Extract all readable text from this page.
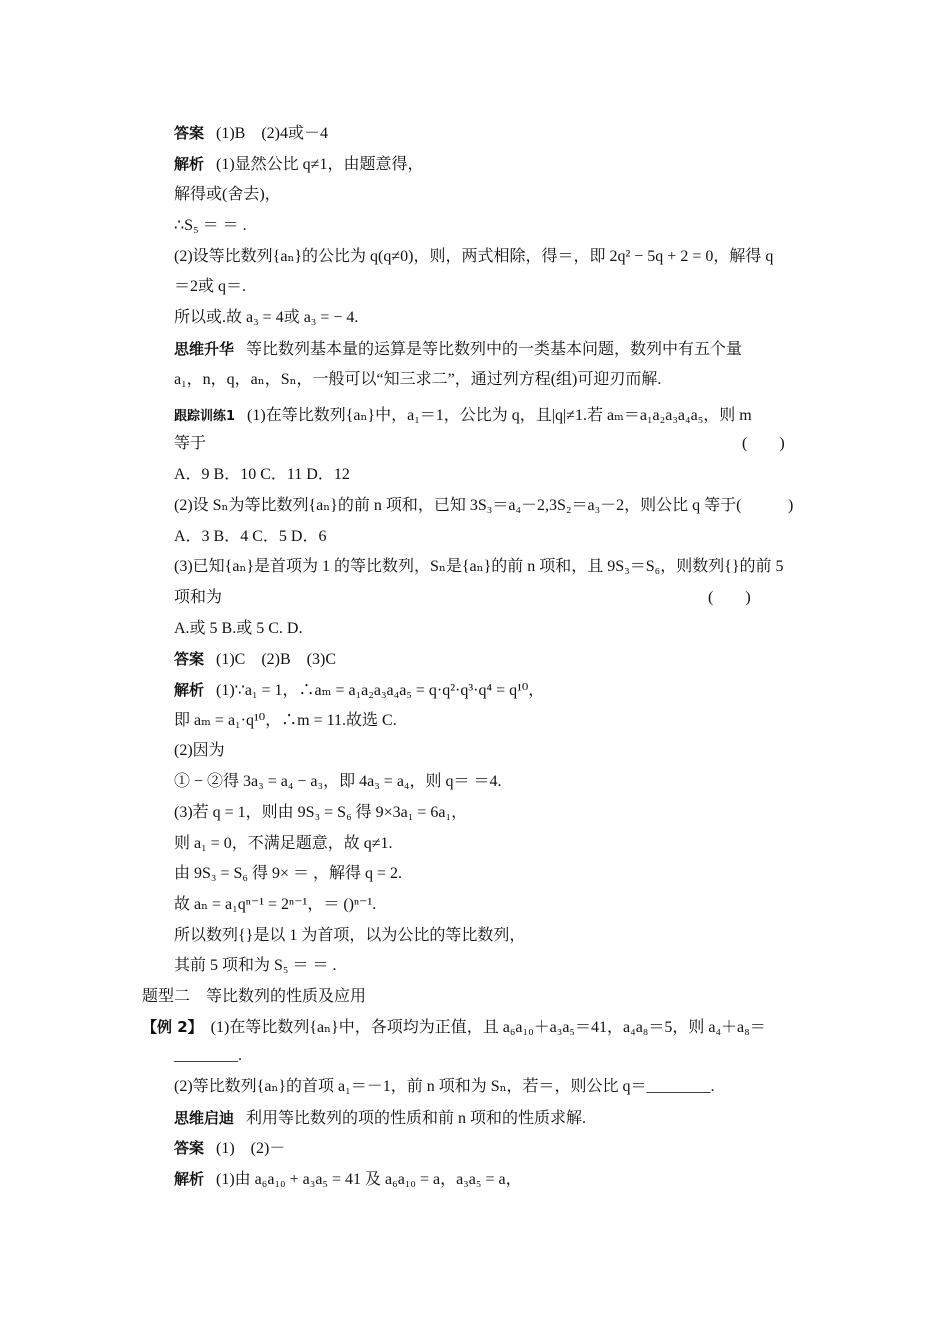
答案 (1)B　(2)4或－4
解析 (1)显然公比 q≠1，由题意得，
解得或(舍去)，
∴S₅ ＝ ＝ .
(2)设等比数列{aₙ}的公比为 q(q≠0)，则，两式相除，得＝，即 2q² − 5q + 2 = 0，解得 q
＝2或 q＝.
所以或.故 a₃ = 4或 a₃ = − 4.
思维升华 等比数列基本量的运算是等比数列中的一类基本问题，数列中有五个量
a₁，n，q，aₙ，Sₙ，一般可以“知三求二”，通过列方程(组)可迎刃而解.
跟踪训练1 (1)在等比数列{aₙ}中，a₁＝1，公比为 q，且|q|≠1.若 aₘ＝a₁a₂a₃a₄a₅，则 m
等于	(　　)
A．9 B．10 C．11 D．12
(2)设 Sₙ为等比数列{aₙ}的前 n 项和，已知 3S₃＝a₄－2,3S₂＝a₃－2，则公比 q 等于(	)
A．3 B．4 C．5 D．6
(3)已知{aₙ}是首项为 1 的等比数列，Sₙ是{aₙ}的前 n 项和，且 9S₃＝S₆，则数列{}的前 5
项和为	(　　)
A.或 5 B.或 5 C. D.
答案 (1)C　(2)B　(3)C
解析 (1)∵a₁ = 1，∴aₘ = a₁a₂a₃a₄a₅ = q·q²·q³·q⁴ = q¹⁰，
即 aₘ = a₁·q¹⁰，∴m = 11.故选 C.
(2)因为
① − ②得 3a₃ = a₄ − a₃，即 4a₃ = a₄，则 q＝ ＝4.
(3)若 q = 1，则由 9S₃ = S₆ 得 9×3a₁ = 6a₁，
则 a₁ = 0，不满足题意，故 q≠1.
由 9S₃ = S₆ 得 9× ＝ ，解得 q = 2.
故 aₙ = a₁qⁿ⁻¹ = 2ⁿ⁻¹，＝ ()ⁿ⁻¹.
所以数列{}是以 1 为首项，以为公比的等比数列，
其前 5 项和为 S₅ ＝ ＝ .
题型二　等比数列的性质及应用
【例 2】 (1)在等比数列{aₙ}中，各项均为正值，且 a₆a₁₀＋a₃a₅＝41，a₄a₈＝5，则 a₄＋a₈＝
________.
(2)等比数列{aₙ}的首项 a₁＝－1，前 n 项和为 Sₙ，若＝，则公比 q＝________.
思维启迪 利用等比数列的项的性质和前 n 项和的性质求解.
答案 (1)　(2)－
解析 (1)由 a₆a₁₀ + a₃a₅ = 41 及 a₆a₁₀ = a，a₃a₅ = a，
